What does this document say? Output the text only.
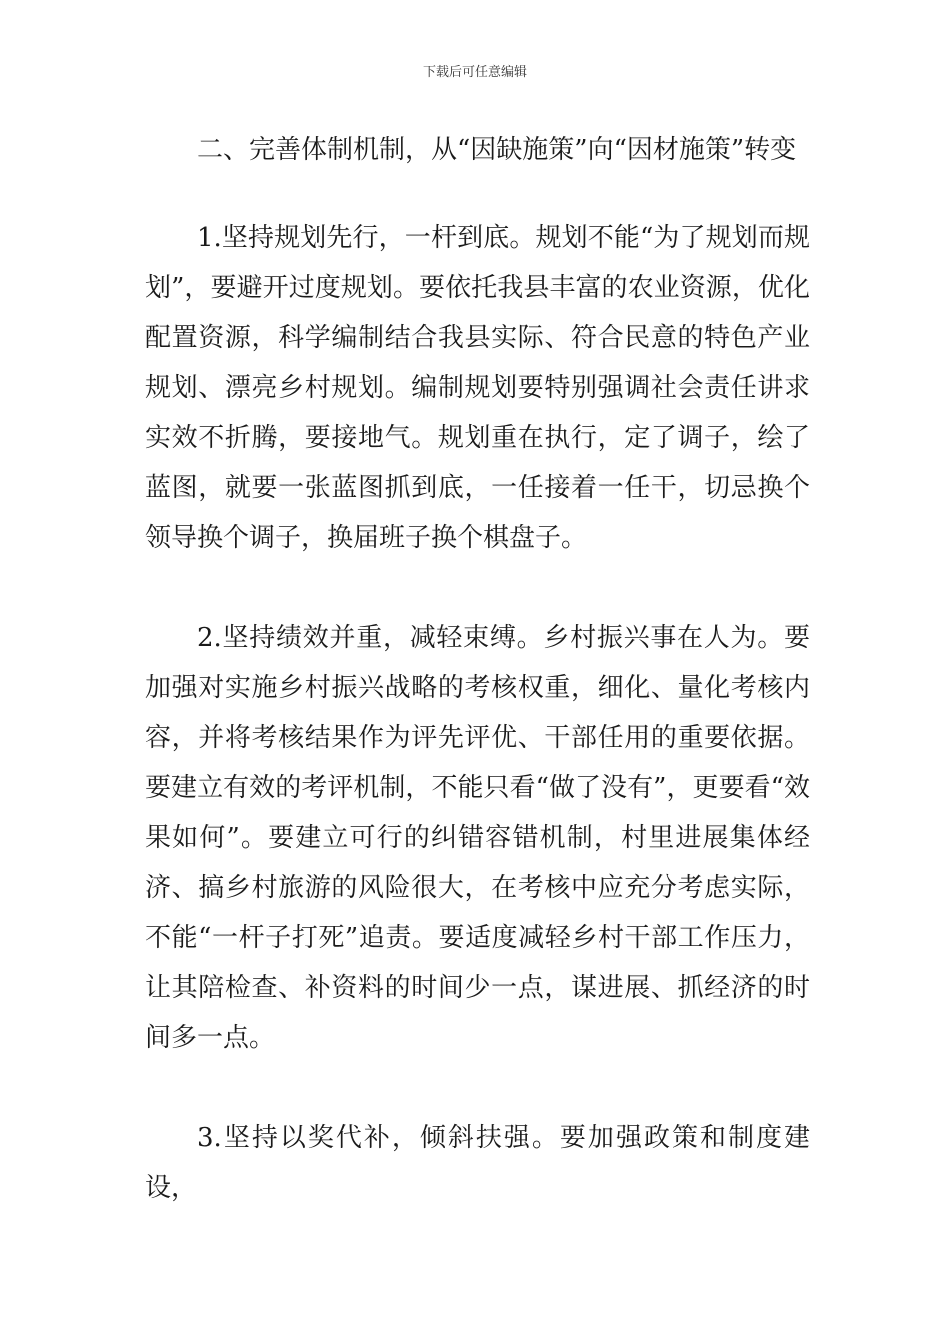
下载后可任意编辑

二、完善体制机制，从“因缺施策”向“因材施策”转变

1.坚持规划先行，一杆到底。规划不能“为了规划而规划”，要避开过度规划。要依托我县丰富的农业资源，优化配置资源，科学编制结合我县实际、符合民意的特色产业规划、漂亮乡村规划。编制规划要特别强调社会责任讲求实效不折腾，要接地气。规划重在执行，定了调子，绘了蓝图，就要一张蓝图抓到底，一任接着一任干，切忌换个领导换个调子，换届班子换个棋盘子。

2.坚持绩效并重，减轻束缚。乡村振兴事在人为。要加强对实施乡村振兴战略的考核权重，细化、量化考核内容，并将考核结果作为评先评优、干部任用的重要依据。要建立有效的考评机制，不能只看“做了没有”，更要看“效果如何”。要建立可行的纠错容错机制，村里进展集体经济、搞乡村旅游的风险很大，在考核中应充分考虑实际，不能“一杆子打死”追责。要适度减轻乡村干部工作压力，让其陪检查、补资料的时间少一点，谋进展、抓经济的时间多一点。

3.坚持以奖代补，倾斜扶强。要加强政策和制度建设，
